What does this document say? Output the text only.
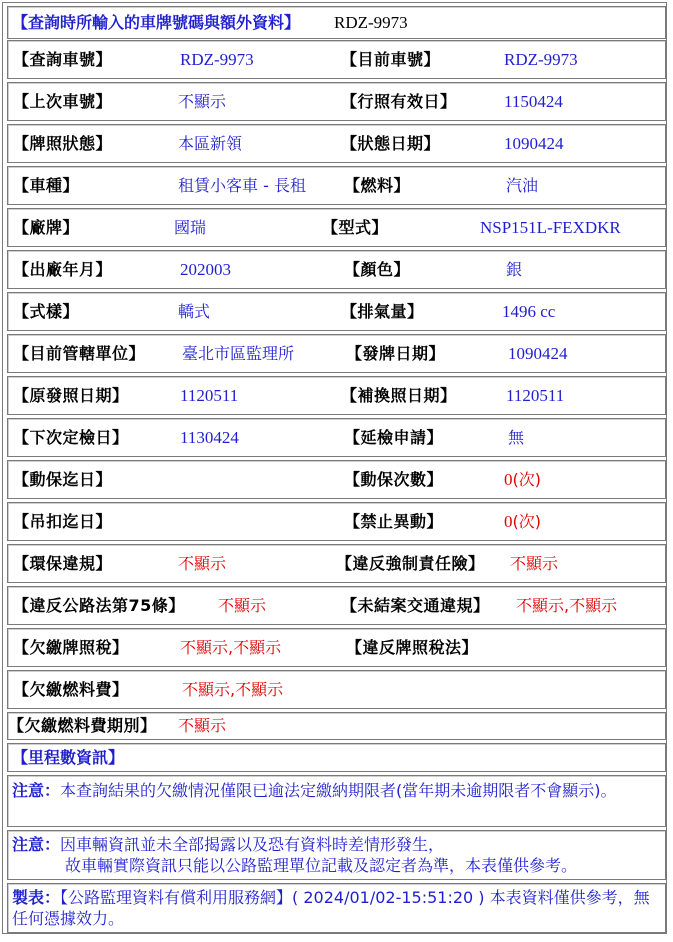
【查詢時所輸入的車牌號碼與額外資料】 RDZ-9973
【查詢車號】	RDZ-9973	【目前車號】	RDZ-9973
【上次車號】	不顯示	【行照有效日】	1150424
【牌照狀態】	本區新領	【狀態日期】	1090424
【車種】	租賃小客車 - 長租 【燃料】	汽油
【廠牌】	國瑞	【型式】	NSP151L-FEXDKR
【出廠年月】	202003	【顏色】	銀
【式樣】	轎式	【排氣量】	1496 cc
【目前管轄單位】 臺北市區監理所	【發牌日期】	1090424
【原發照日期】	1120511	【補換照日期】	1120511
【下次定檢日】	1130424	【延檢申請】	無
【動保迄日】	【動保次數】	0(次)
【吊扣迄日】	【禁止異動】	0(次)
【環保違規】	不顯示	【違反強制責任險】 不顯示
【違反公路法第75條】 不顯示	【未結案交通違規】 不顯示,不顯示
【欠繳牌照稅】	不顯示,不顯示	【違反牌照稅法】
【欠繳燃料費】	不顯示,不顯示
【欠繳燃料費期別】 不顯示
【里程數資訊】
注意：本查詢結果的欠繳情況僅限已逾法定繳納期限者(當年期未逾期限者不會顯示)。
注意：因車輛資訊並未全部揭露以及恐有資料時差情形發生，
故車輛實際資訊只能以公路監理單位記載及認定者為準，本表僅供參考。
製表：【公路監理資料有償利用服務網】( 2024/01/02-15:51:20 ) 本表資料僅供參考，無任何憑據效力。
